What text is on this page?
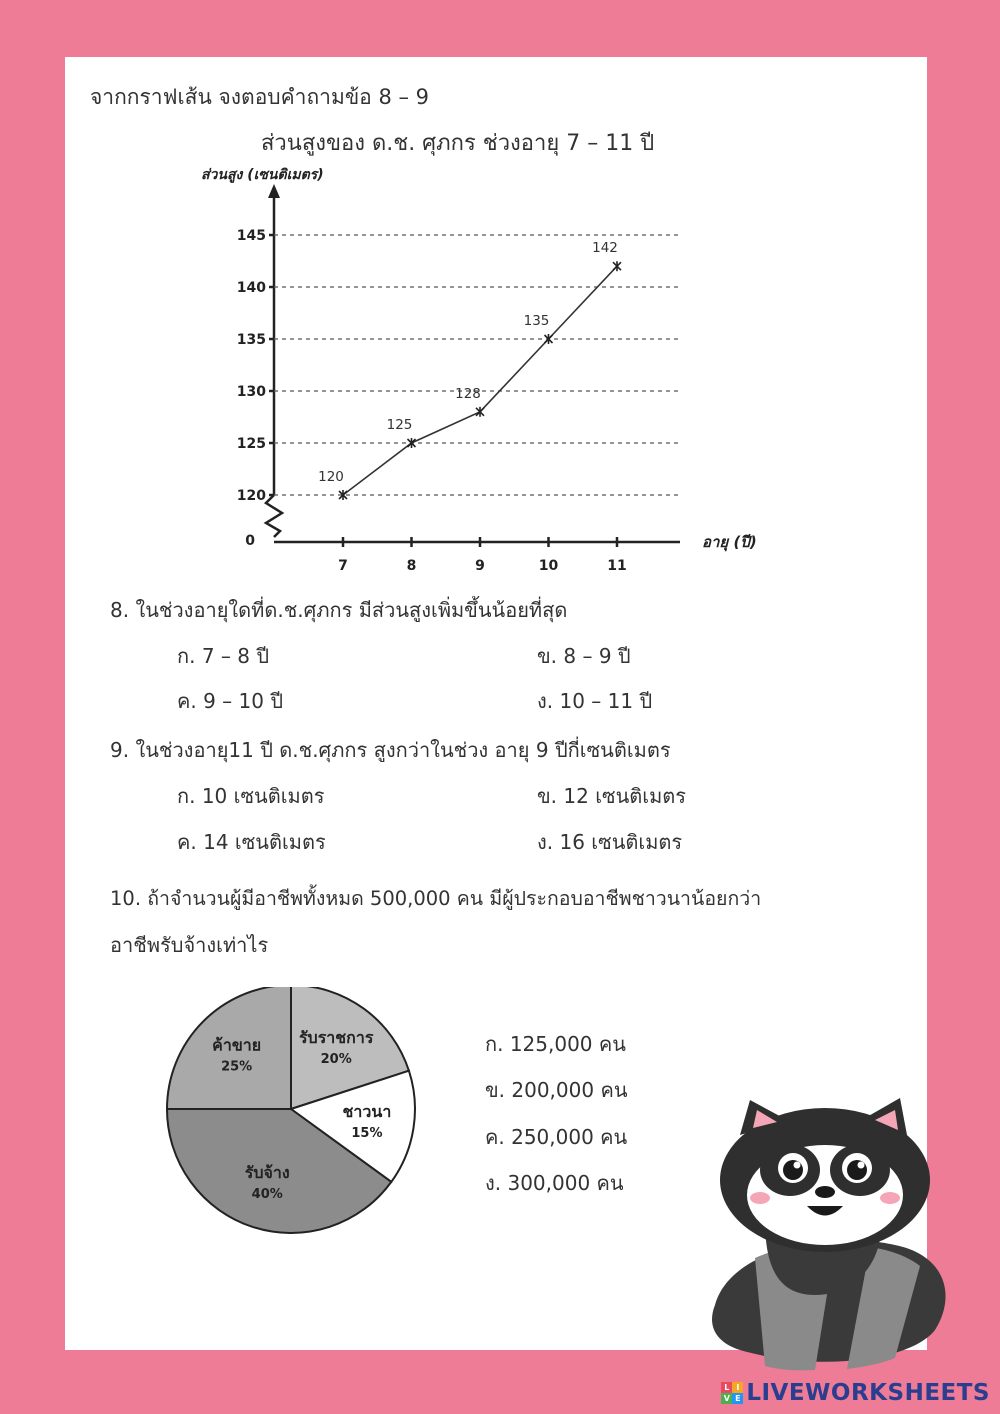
จากกราฟเส้น จงตอบคำถามข้อ 8 – 9
ส่วนสูงของ ด.ช. ศุภกร ช่วงอายุ 7 – 11 ปี
ส่วนสูง (เซนติเมตร)
อายุ (ปี)
0
120
125
130
135
140
145
7	8	9	10	11
120
125
128
135
142
8. ในช่วงอายุใดที่ด.ช.ศุภกร มีส่วนสูงเพิ่มขึ้นน้อยที่สุด
ก. 7 – 8 ปี	ข. 8 – 9 ปี
ค. 9 – 10 ปี	ง. 10 – 11 ปี
9. ในช่วงอายุ11 ปี ด.ช.ศุภกร สูงกว่าในช่วง อายุ 9 ปีกี่เซนติเมตร
ก. 10 เซนติเมตร	ข. 12 เซนติเมตร
ค. 14 เซนติเมตร	ง. 16 เซนติเมตร
10. ถ้าจำนวนผู้มีอาชีพทั้งหมด 500,000 คน มีผู้ประกอบอาชีพชาวนาน้อยกว่า
อาชีพรับจ้างเท่าไร
รับราชการ
20%
ชาวนา
15%
รับจ้าง
40%
ค้าขาย
25%
ก. 125,000 คน
ข. 200,000 คน
ค. 250,000 คน
ง. 300,000 คน
L I
V E LIVEWORKSHEETS
